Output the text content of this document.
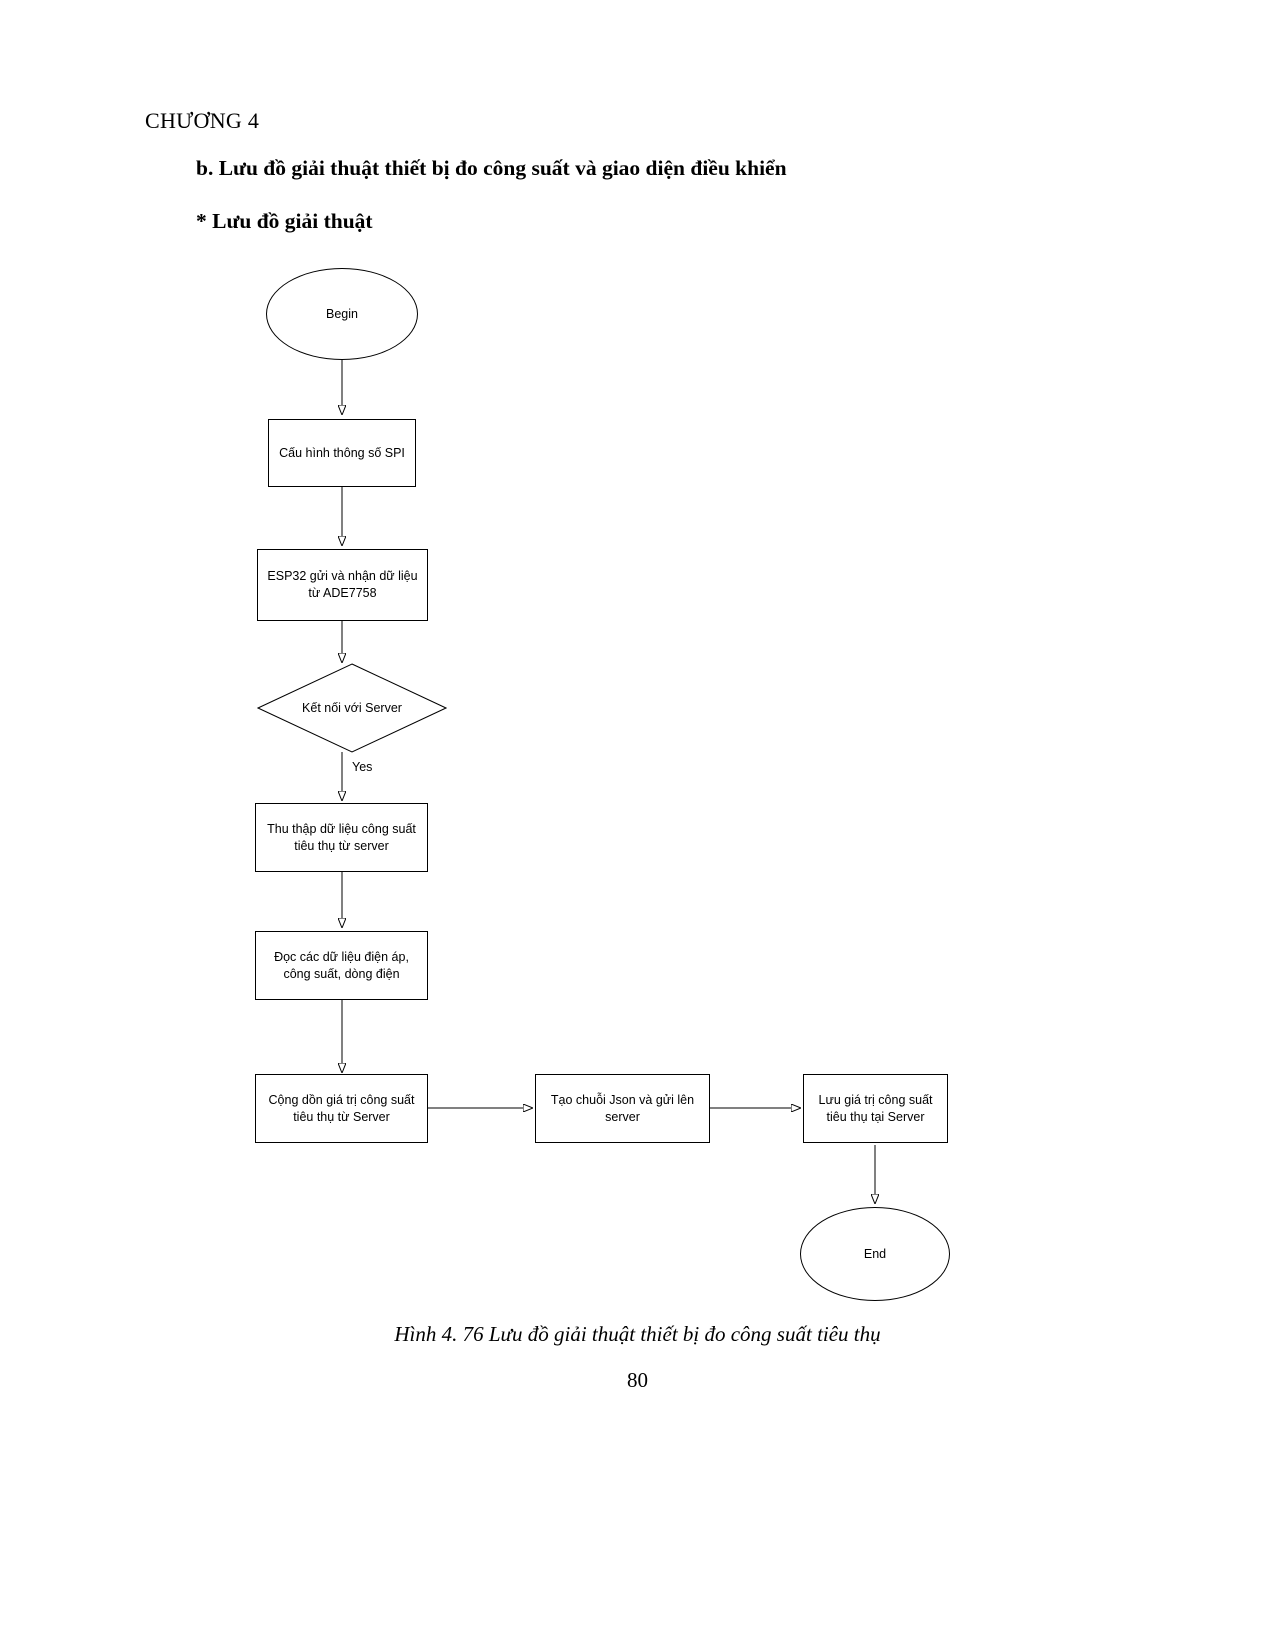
CHƯƠNG 4
b. Lưu đồ giải thuật thiết bị đo công suất và giao diện điều khiển
* Lưu đồ giải thuật
Begin
Cấu hình thông số SPI
ESP32 gửi và nhận dữ liệu từ ADE7758
Kết nối với Server
Yes
Thu thập dữ liệu công suất tiêu thụ từ server
Đọc các dữ liệu điện áp, công suất, dòng điện
Cộng dồn giá trị công suất tiêu thụ từ Server
Tạo chuỗi Json và gửi lên server
Lưu giá trị công suất tiêu thụ tại Server
End
Hình 4. 76 Lưu đồ giải thuật thiết bị đo công suất tiêu thụ
80
